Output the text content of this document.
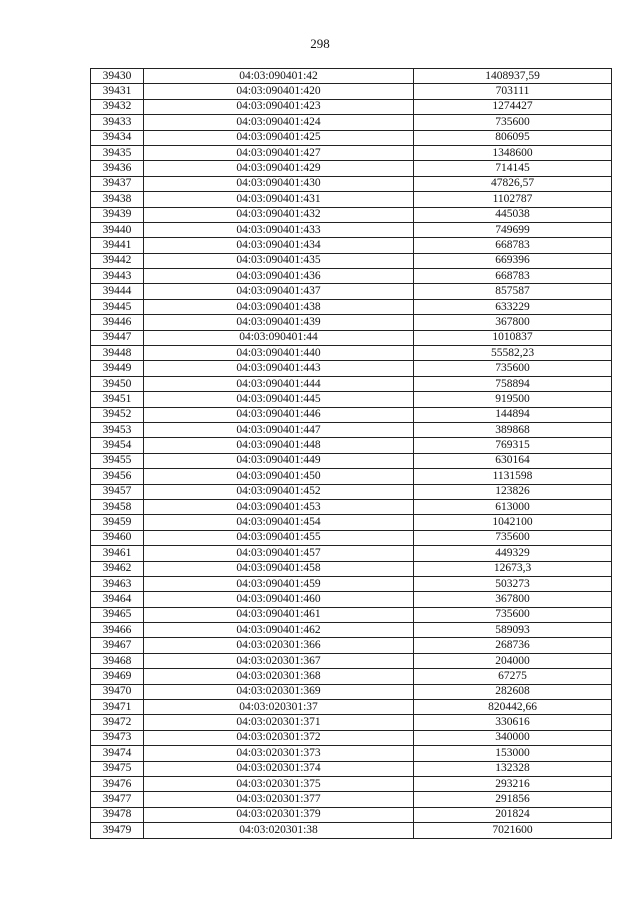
298
39430	04:03:090401:42	1408937,59
39431	04:03:090401:420	703111
39432	04:03:090401:423	1274427
39433	04:03:090401:424	735600
39434	04:03:090401:425	806095
39435	04:03:090401:427	1348600
39436	04:03:090401:429	714145
39437	04:03:090401:430	47826,57
39438	04:03:090401:431	1102787
39439	04:03:090401:432	445038
39440	04:03:090401:433	749699
39441	04:03:090401:434	668783
39442	04:03:090401:435	669396
39443	04:03:090401:436	668783
39444	04:03:090401:437	857587
39445	04:03:090401:438	633229
39446	04:03:090401:439	367800
39447	04:03:090401:44	1010837
39448	04:03:090401:440	55582,23
39449	04:03:090401:443	735600
39450	04:03:090401:444	758894
39451	04:03:090401:445	919500
39452	04:03:090401:446	144894
39453	04:03:090401:447	389868
39454	04:03:090401:448	769315
39455	04:03:090401:449	630164
39456	04:03:090401:450	1131598
39457	04:03:090401:452	123826
39458	04:03:090401:453	613000
39459	04:03:090401:454	1042100
39460	04:03:090401:455	735600
39461	04:03:090401:457	449329
39462	04:03:090401:458	12673,3
39463	04:03:090401:459	503273
39464	04:03:090401:460	367800
39465	04:03:090401:461	735600
39466	04:03:090401:462	589093
39467	04:03:020301:366	268736
39468	04:03:020301:367	204000
39469	04:03:020301:368	67275
39470	04:03:020301:369	282608
39471	04:03:020301:37	820442,66
39472	04:03:020301:371	330616
39473	04:03:020301:372	340000
39474	04:03:020301:373	153000
39475	04:03:020301:374	132328
39476	04:03:020301:375	293216
39477	04:03:020301:377	291856
39478	04:03:020301:379	201824
39479	04:03:020301:38	7021600
